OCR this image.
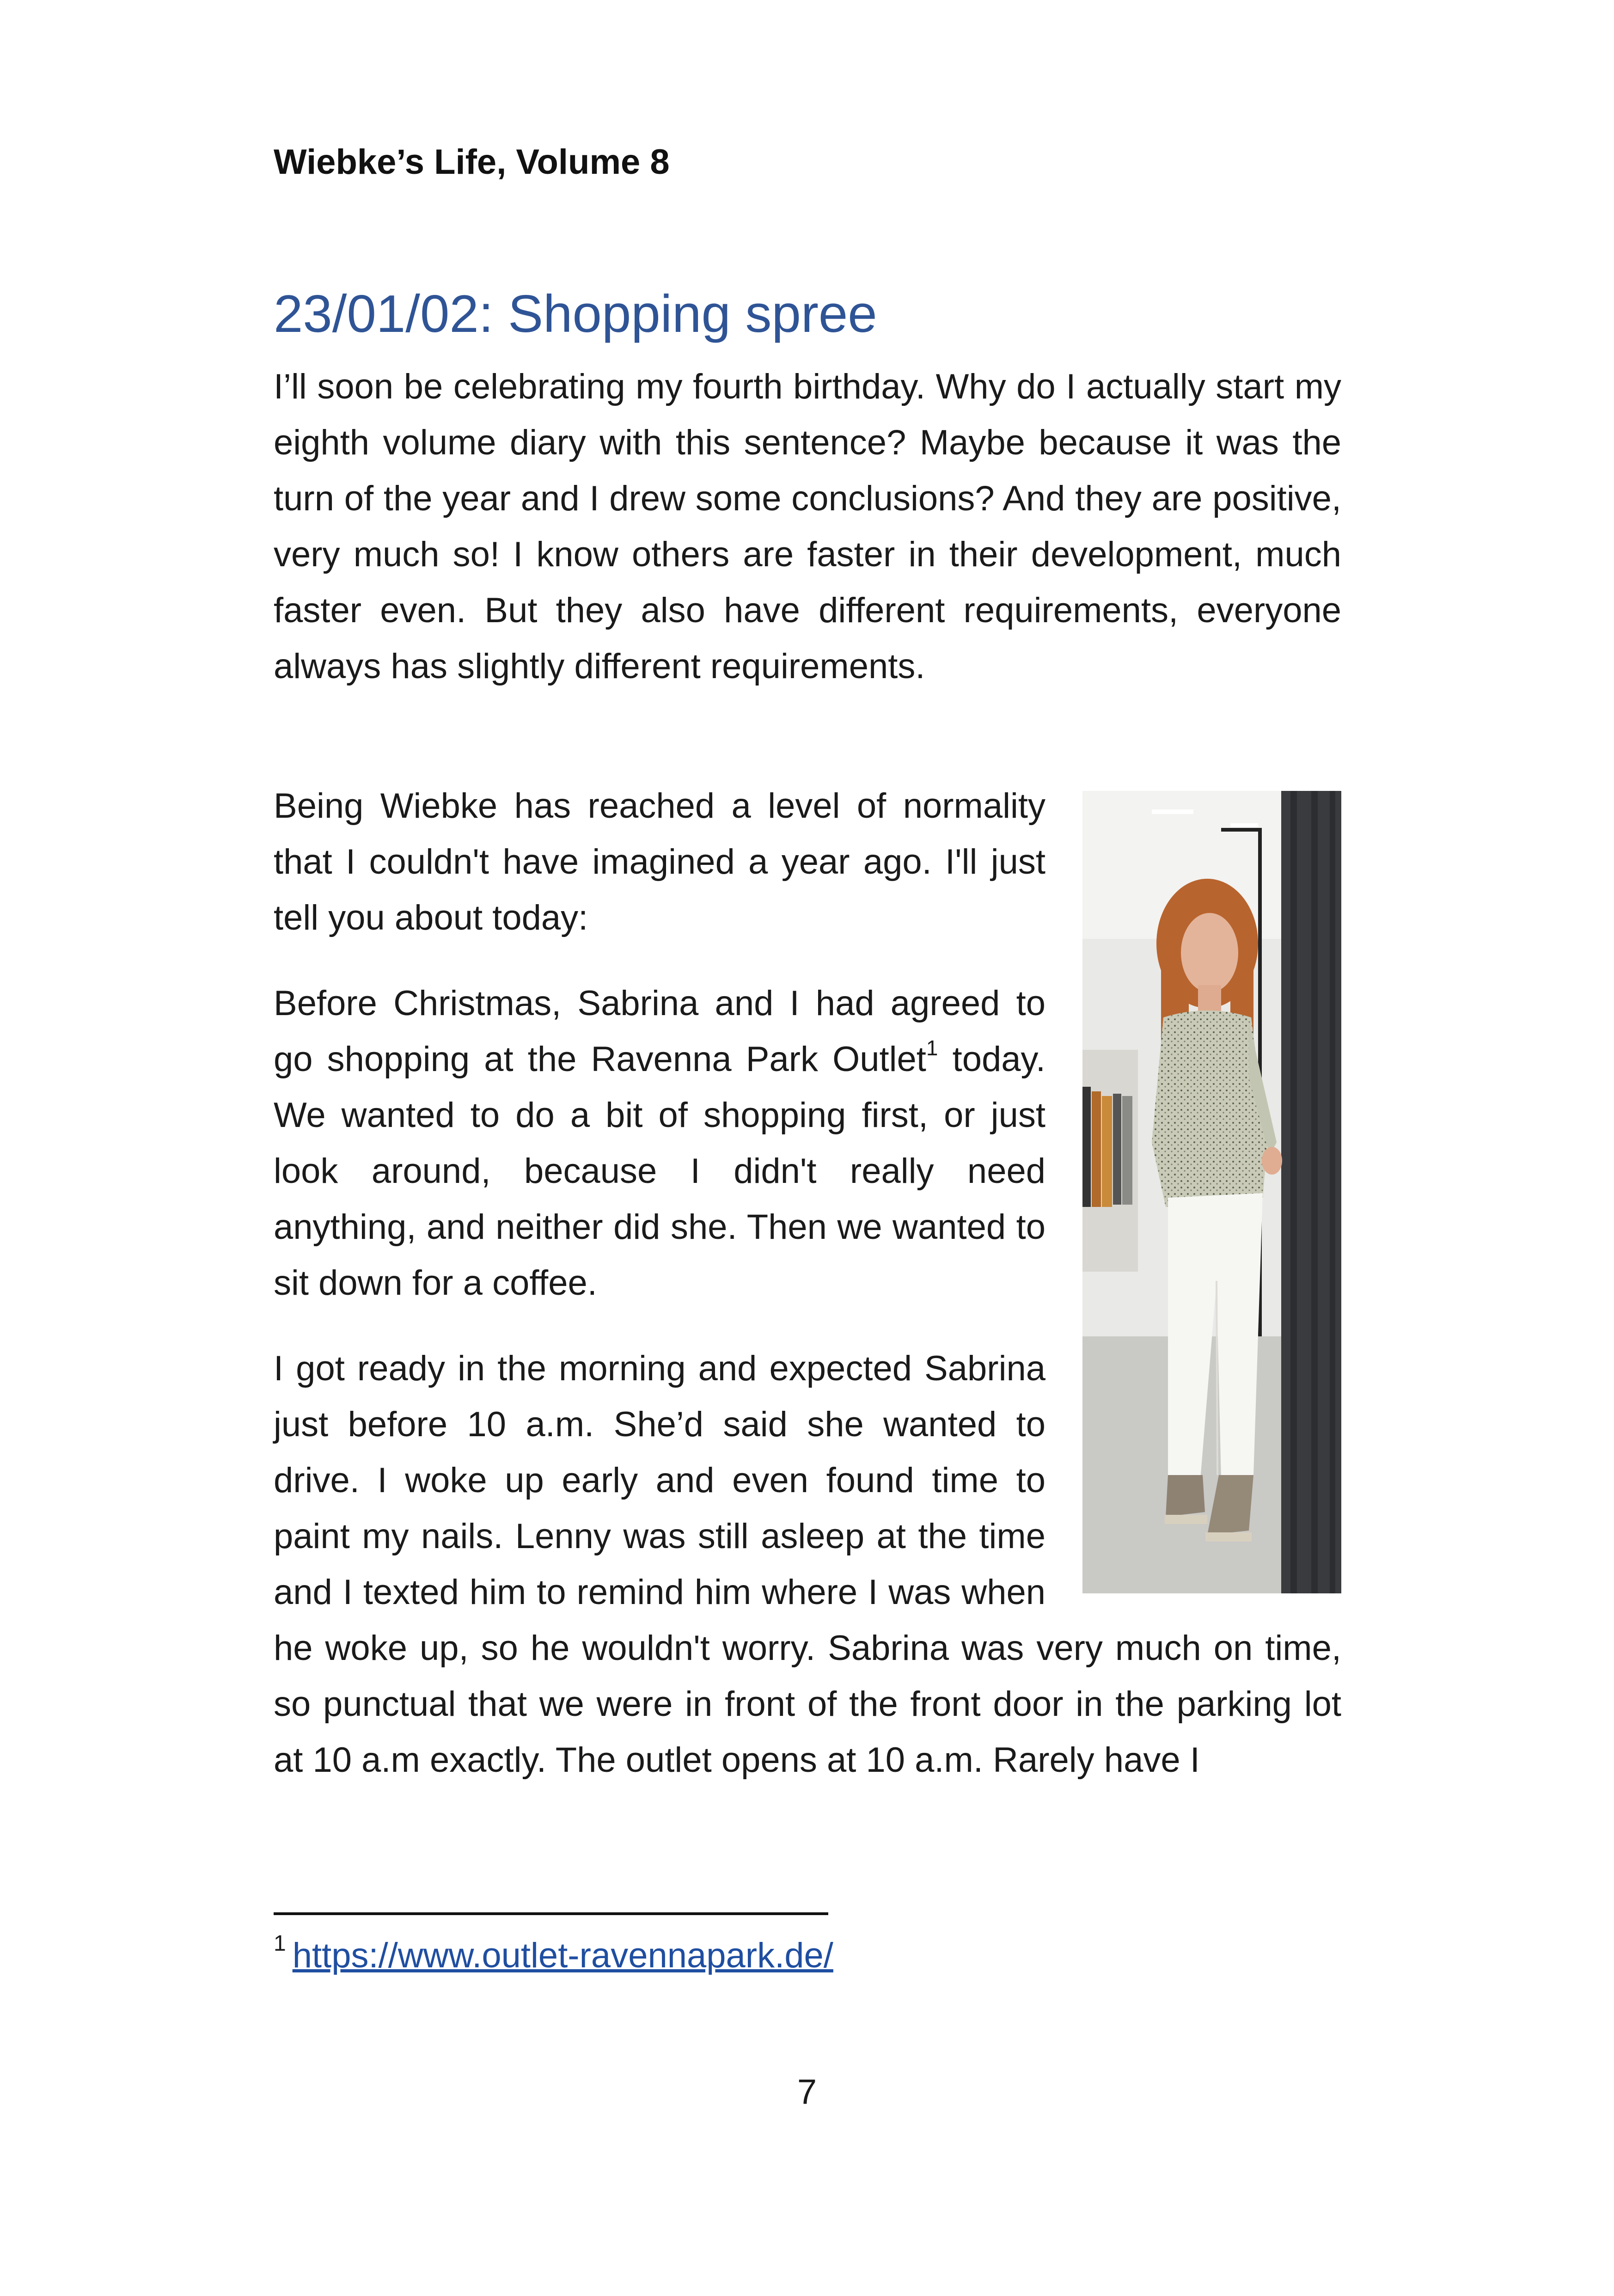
Wiebke’s Life, Volume 8
23/01/02: Shopping spree

I’ll soon be celebrating my fourth birthday. Why do I actually start my eighth volume diary with this sentence? Maybe because it was the turn of the year and I drew some conclusions? And they are positive, very much so! I know others are faster in their development, much faster even. But they also have different requirements, everyone always has slightly different requirements.

Being Wiebke has reached a level of normality that I couldn't have imagined a year ago. I'll just tell you about today:

Before Christmas, Sabrina and I had agreed to go shopping at the Ravenna Park Outlet$^1$ today. We wanted to do a bit of shopping first, or just look around, because I didn't really need anything, and neither did she. Then we wanted to sit down for a coffee.

I got ready in the morning and expected Sabrina just before 10 a.m. She’d said she wanted to drive. I woke up early and even found time to paint my nails. Lenny was still asleep at the time and I texted him to remind him where I was when he woke up, so he wouldn't worry. Sabrina was very much on time, so punctual that we were in front of the front door in the parking lot at 10 a.m exactly. The outlet opens at 10 a.m. Rarely have I

$^1$ https://www.outlet-ravennapark.de/
7
